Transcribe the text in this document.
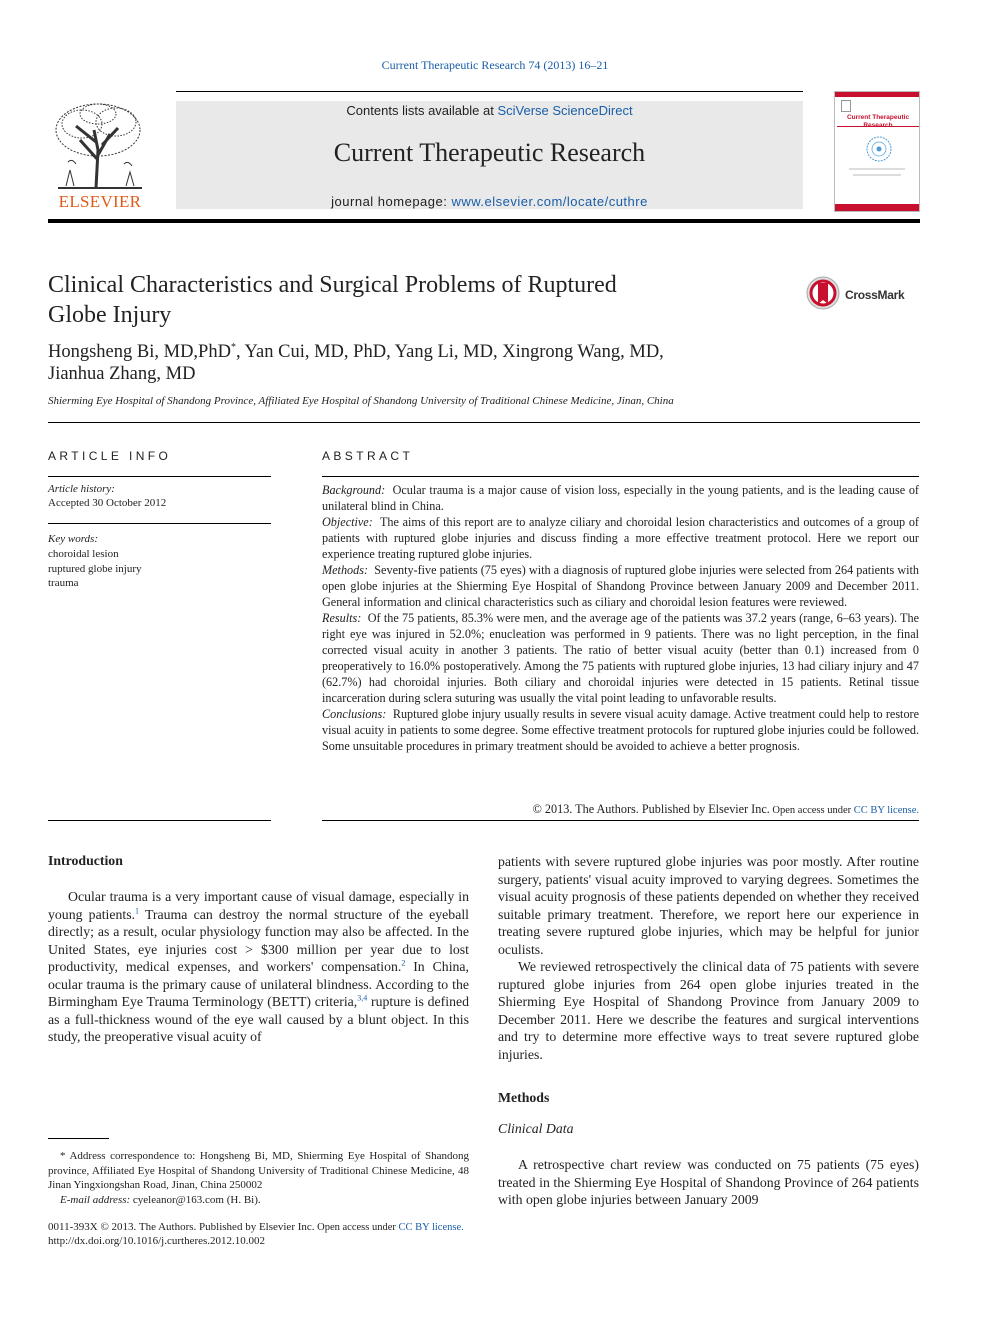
Current Therapeutic Research 74 (2013) 16–21
ELSEVIER
Contents lists available at SciVerse ScienceDirect
Current Therapeutic Research
journal homepage: www.elsevier.com/locate/cuthre
Current Therapeutic
Clinical Characteristics and Surgical Problems of Ruptured
Globe Injury
CrossMark
Hongsheng Bi, MD,PhD*, Yan Cui, MD, PhD, Yang Li, MD, Xingrong Wang, MD,
Jianhua Zhang, MD
Shierming Eye Hospital of Shandong Province, Affiliated Eye Hospital of Shandong University of Traditional Chinese Medicine, Jinan, China
ARTICLE INFO
Article history:
Accepted 30 October 2012
Key words:
choroidal lesion
ruptured globe injury
trauma
ABSTRACT

Background: Ocular trauma is a major cause of vision loss, especially in the young patients, and is the leading cause of unilateral blind in China.

Objective: The aims of this report are to analyze ciliary and choroidal lesion characteristics and outcomes of a group of patients with ruptured globe injuries and discuss finding a more effective treatment protocol. Here we report our experience treating ruptured globe injuries.

Methods: Seventy-five patients (75 eyes) with a diagnosis of ruptured globe injuries were selected from 264 patients with open globe injuries at the Shierming Eye Hospital of Shandong Province between January 2009 and December 2011. General information and clinical characteristics such as ciliary and choroidal lesion features were reviewed.

Results: Of the 75 patients, 85.3% were men, and the average age of the patients was 37.2 years (range, 6–63 years). The right eye was injured in 52.0%; enucleation was performed in 9 patients. There was no light perception, in the final corrected visual acuity in another 3 patients. The ratio of better visual acuity (better than 0.1) increased from 0 preoperatively to 16.0% postoperatively. Among the 75 patients with ruptured globe injuries, 13 had ciliary injury and 47 (62.7%) had choroidal injuries. Both ciliary and choroidal injuries were detected in 15 patients. Retinal tissue incarceration during sclera suturing was usually the vital point leading to unfavorable results.

Conclusions: Ruptured globe injury usually results in severe visual acuity damage. Active treatment could help to restore visual acuity in patients to some degree. Some effective treatment protocols for ruptured globe injuries could be followed. Some unsuitable procedures in primary treatment should be avoided to achieve a better prognosis.

© 2013. The Authors. Published by Elsevier Inc. Open access under CC BY license.
Introduction

Ocular trauma is a very important cause of visual damage, especially in young patients.$^1$ Trauma can destroy the normal structure of the eyeball directly; as a result, ocular physiology function may also be affected. In the United States, eye injuries cost > $300 million per year due to lost productivity, medical expenses, and workers' compensation.$^2$ In China, ocular trauma is the primary cause of unilateral blindness. According to the Birmingham Eye Trauma Terminology (BETT) criteria,$^{3,4}$ rupture is defined as a full-thickness wound of the eye wall caused by a blunt object. In this study, the preoperative visual acuity of

* Address correspondence to: Hongsheng Bi, MD, Shierming Eye Hospital of Shandong province, Affiliated Eye Hospital of Shandong University of Traditional Chinese Medicine, 48 Jinan Yingxiongshan Road, Jinan, China 250002

E-mail address: cyeleanor@163.com (H. Bi).

patients with severe ruptured globe injuries was poor mostly. After routine surgery, patients' visual acuity improved to varying degrees. Sometimes the visual acuity prognosis of these patients depended on whether they received suitable primary treatment. Therefore, we report here our experience in treating severe ruptured globe injuries, which may be helpful for junior oculists.

We reviewed retrospectively the clinical data of 75 patients with severe ruptured globe injuries from 264 open globe injuries treated in the Shierming Eye Hospital of Shandong Province from January 2009 to December 2011. Here we describe the features and surgical interventions and try to determine more effective ways to treat severe ruptured globe injuries.

Methods
Clinical Data

A retrospective chart review was conducted on 75 patients (75 eyes) treated in the Shierming Eye Hospital of Shandong Province of 264 patients with open globe injuries between January 2009

0011-393X © 2013. The Authors. Published by Elsevier Inc. Open access under CC BY license.
http://dx.doi.org/10.1016/j.curtheres.2012.10.002
